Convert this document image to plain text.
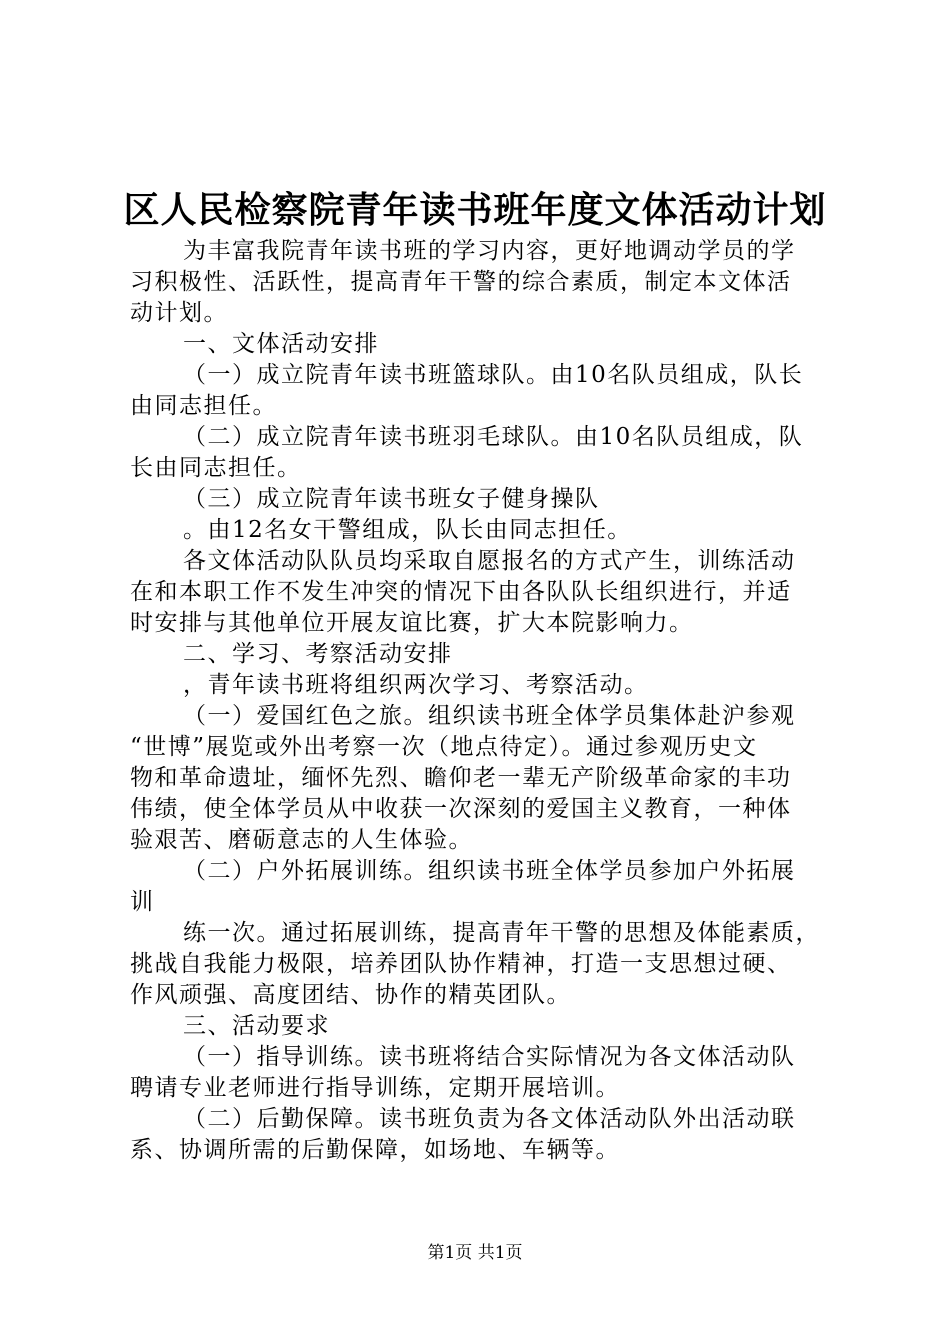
区人民检察院青年读书班年度文体活动计划
为丰富我院青年读书班的学习内容，更好地调动学员的学
习积极性、活跃性，提高青年干警的综合素质，制定本文体活
动计划。
一、文体活动安排
（一）成立院青年读书班篮球队。由10名队员组成，队长
由同志担任。
（二）成立院青年读书班羽毛球队。由10名队员组成，队
长由同志担任。
（三）成立院青年读书班女子健身操队
。由12名女干警组成，队长由同志担任。
各文体活动队队员均采取自愿报名的方式产生，训练活动
在和本职工作不发生冲突的情况下由各队队长组织进行，并适
时安排与其他单位开展友谊比赛，扩大本院影响力。
二、学习、考察活动安排
，青年读书班将组织两次学习、考察活动。
（一）爱国红色之旅。组织读书班全体学员集体赴沪参观
“世博”展览或外出考察一次（地点待定）。通过参观历史文
物和革命遗址，缅怀先烈、瞻仰老一辈无产阶级革命家的丰功
伟绩，使全体学员从中收获一次深刻的爱国主义教育，一种体
验艰苦、磨砺意志的人生体验。
（二）户外拓展训练。组织读书班全体学员参加户外拓展
训
练一次。通过拓展训练，提高青年干警的思想及体能素质，
挑战自我能力极限，培养团队协作精神，打造一支思想过硬、
作风顽强、高度团结、协作的精英团队。
三、活动要求
（一）指导训练。读书班将结合实际情况为各文体活动队
聘请专业老师进行指导训练，定期开展培训。
（二）后勤保障。读书班负责为各文体活动队外出活动联
系、协调所需的后勤保障，如场地、车辆等。
第1页 共1页
